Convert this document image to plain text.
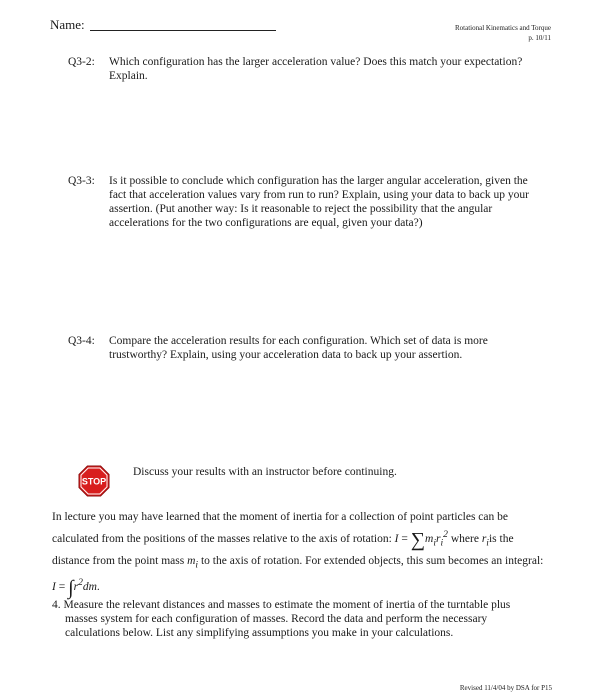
Name:	Rotational Kinematics and Torque
p. 10/11
Q3-2: Which configuration has the larger acceleration value? Does this match your expectation? Explain.
Q3-3: Is it possible to conclude which configuration has the larger angular acceleration, given the fact that acceleration values vary from run to run? Explain, using your data to back up your assertion. (Put another way: Is it reasonable to reject the possibility that the angular accelerations for the two configurations are equal, given your data?)
Q3-4: Compare the acceleration results for each configuration. Which set of data is more trustworthy? Explain, using your acceleration data to back up your assertion.
STOP
Discuss your results with an instructor before continuing.
In lecture you may have learned that the moment of inertia for a collection of point particles can be calculated from the positions of the masses relative to the axis of rotation: $I = \sum m_ir_i^2$ where $r_iis$ the distance from the point mass $m_i$ to the axis of rotation. For extended objects, this sum becomes an integral: $I = \int r^2dm$.
4. Measure the relevant distances and masses to estimate the moment of inertia of the turntable plus masses system for each configuration of masses. Record the data and perform the necessary calculations below. List any simplifying assumptions you make in your calculations.
Revised 11/4/04 by DSA for P15
